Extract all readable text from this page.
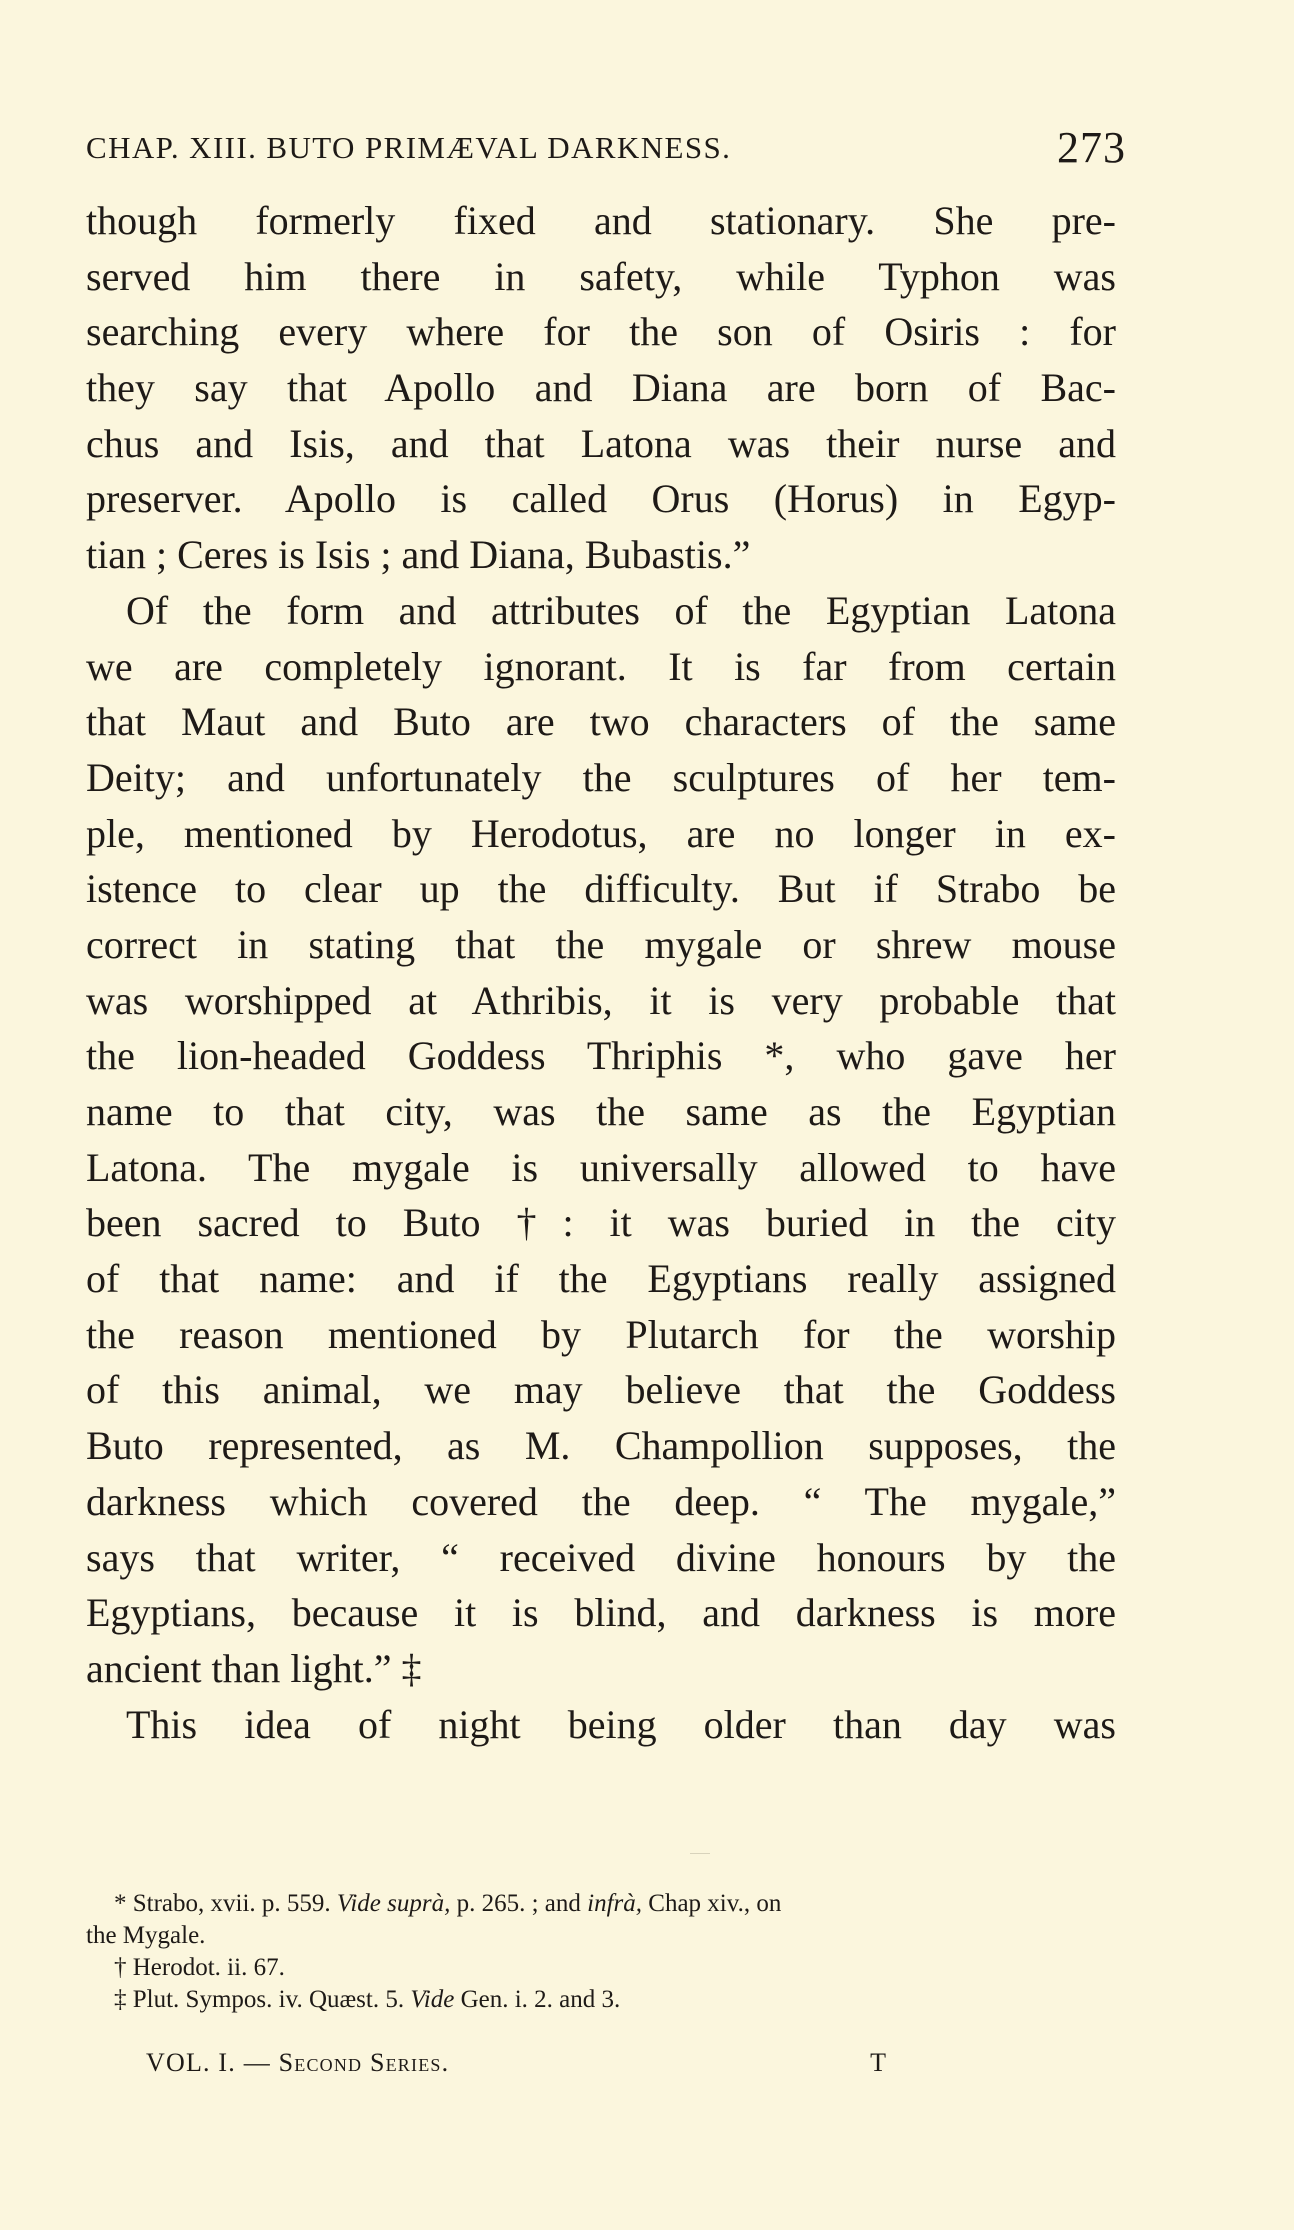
CHAP. XIII. BUTO PRIMÆVAL DARKNESS.	273
though formerly fixed and stationary. She pre-
served him there in safety, while Typhon was
searching every where for the son of Osiris : for
they say that Apollo and Diana are born of Bac-
chus and Isis, and that Latona was their nurse and
preserver. Apollo is called Orus (Horus) in Egyp-
tian ; Ceres is Isis ; and Diana, Bubastis.”
Of the form and attributes of the Egyptian Latona
we are completely ignorant. It is far from certain
that Maut and Buto are two characters of the same
Deity; and unfortunately the sculptures of her tem-
ple, mentioned by Herodotus, are no longer in ex-
istence to clear up the difficulty. But if Strabo be
correct in stating that the mygale or shrew mouse
was worshipped at Athribis, it is very probable that
the lion-headed Goddess Thriphis *, who gave her
name to that city, was the same as the Egyptian
Latona. The mygale is universally allowed to have
been sacred to Buto †: it was buried in the city
of that name: and if the Egyptians really assigned
the reason mentioned by Plutarch for the worship
of this animal, we may believe that the Goddess
Buto represented, as M. Champollion supposes, the
darkness which covered the deep. “ The mygale,”
says that writer, “ received divine honours by the
Egyptians, because it is blind, and darkness is more
ancient than light.” ‡
This idea of night being older than day was
* Strabo, xvii. p. 559. Vide suprà, p. 265. ; and infrà, Chap xiv., on
the Mygale.
† Herodot. ii. 67.
‡ Plut. Sympos. iv. Quæst. 5. Vide Gen. i. 2. and 3.
VOL. I. — Second Series.	T
